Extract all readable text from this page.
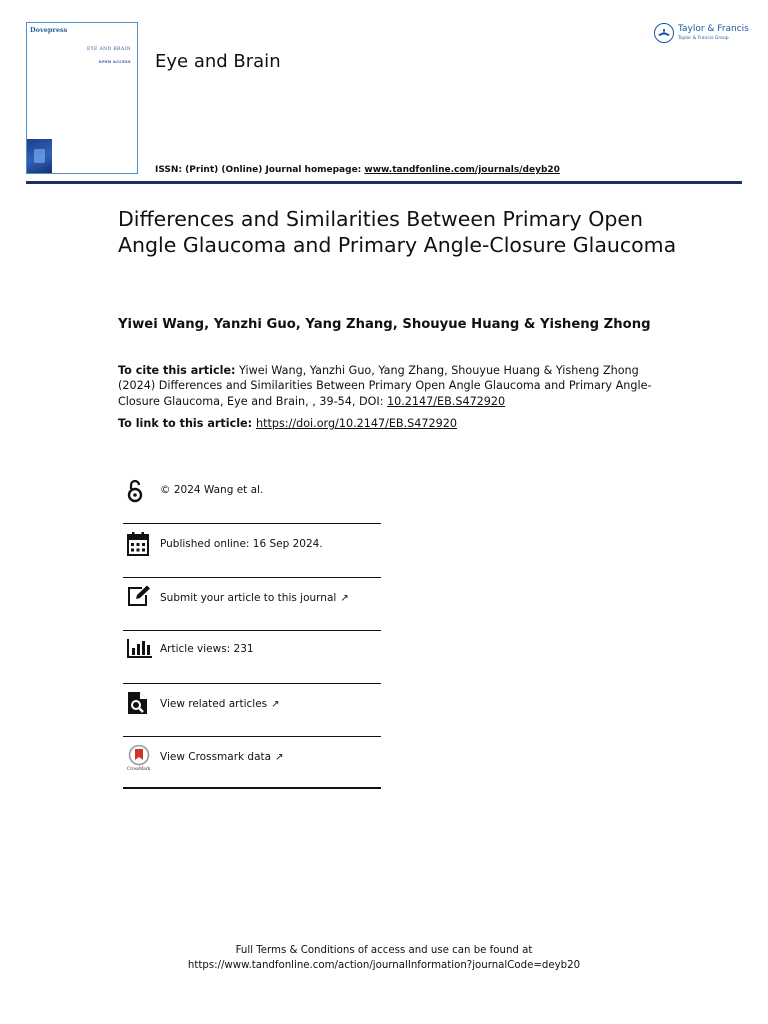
Dovepress
EYE AND BRAIN
OPEN ACCESS Eye and Brain
ISSN: (Print) (Online) Journal homepage: www.tandfonline.com/journals/deyb20
Taylor & Francis
Taylor & Francis Group
Differences and Similarities Between Primary Open Angle Glaucoma and Primary Angle-Closure Glaucoma
Yiwei Wang, Yanzhi Guo, Yang Zhang, Shouyue Huang & Yisheng Zhong
To cite this article: Yiwei Wang, Yanzhi Guo, Yang Zhang, Shouyue Huang & Yisheng Zhong (2024) Differences and Similarities Between Primary Open Angle Glaucoma and Primary Angle-Closure Glaucoma, Eye and Brain, , 39-54, DOI: 10.2147/EB.S472920
To link to this article: https://doi.org/10.2147/EB.S472920
© 2024 Wang et al.
Published online: 16 Sep 2024.
Submit your article to this journal ↗
Article views: 231
View related articles ↗
CrossMark
View Crossmark data ↗
Full Terms & Conditions of access and use can be found at
https://www.tandfonline.com/action/journalInformation?journalCode=deyb20
